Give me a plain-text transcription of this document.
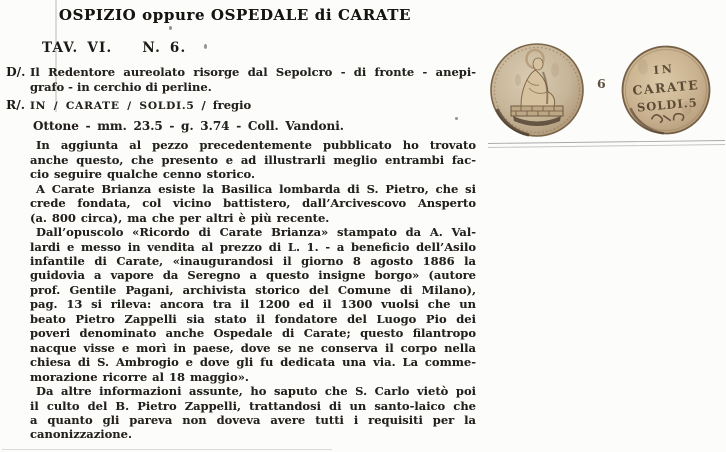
OSPIZIO oppure OSPEDALE di CARATE
TAV. VI. N. 6.
D/. Il Redentore aureolato risorge dal Sepolcro - di fronte - anepi-
grafo - in cerchio di perline.
R/. IN / CARATE / SOLDI.5 / fregio
Ottone - mm. 23.5 - g. 3.74 - Coll. Vandoni.
In aggiunta al pezzo precedentemente pubblicato ho trovato
anche questo, che presento e ad illustrarli meglio entrambi fac-
cio seguire qualche cenno storico.
A Carate Brianza esiste la Basilica lombarda di S. Pietro, che si
crede fondata, col vicino battistero, dall’Arcivescovo Ansperto
(a. 800 circa), ma che per altri è più recente.
Dall’opuscolo «Ricordo di Carate Brianza» stampato da A. Val-
lardi e messo in vendita al prezzo di L. 1. - a beneficio dell’Asilo
infantile di Carate, «inaugurandosi il giorno 8 agosto 1886 la
guidovia a vapore da Seregno a questo insigne borgo» (autore
prof. Gentile Pagani, archivista storico del Comune di Milano),
pag. 13 si rileva: ancora tra il 1200 ed il 1300 vuolsi che un
beato Pietro Zappelli sia stato il fondatore del Luogo Pio dei
poveri denominato anche Ospedale di Carate; questo filantropo
nacque visse e morì in paese, dove se ne conserva il corpo nella
chiesa di S. Ambrogio e dove gli fu dedicata una via. La comme-
morazione ricorre al 18 maggio».
Da altre informazioni assunte, ho saputo che S. Carlo vietò poi
il culto del B. Pietro Zappelli, trattandosi di un santo-laico che
a quanto gli pareva non doveva avere tutti i requisiti per la
canonizzazione.
6
IN
CARATE
SOLDI.5
